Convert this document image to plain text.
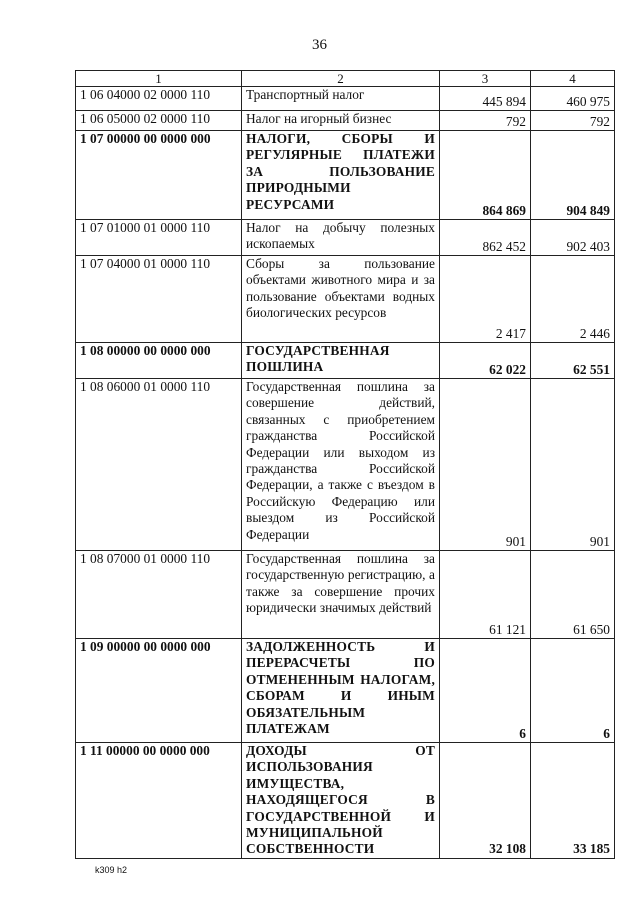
36
1	2	3	4
1 06 04000 02 0000 110	Транспортный налог	445 894	460 975
1 06 05000 02 0000 110	Налог на игорный бизнес	792	792
1 07 00000 00 0000 000	НАЛОГИ, СБОРЫ И РЕГУЛЯРНЫЕ ПЛАТЕЖИ ЗА ПОЛЬЗОВАНИЕ ПРИРОДНЫМИ РЕСУРСАМИ	864 869	904 849
1 07 01000 01 0000 110	Налог на добычу полезных ископаемых	862 452	902 403
1 07 04000 01 0000 110	Сборы за пользование объектами животного мира и за пользование объектами водных биологических ресурсов	2 417	2 446
1 08 00000 00 0000 000	ГОСУДАРСТВЕННАЯ ПОШЛИНА	62 022	62 551
1 08 06000 01 0000 110	Государственная пошлина за совершение действий, связанных с приобретением гражданства Российской Федерации или выходом из гражданства Российской Федерации, а также с въездом в Российскую Федерацию или выездом из Российской Федерации	901	901
1 08 07000 01 0000 110	Государственная пошлина за государственную регистрацию, а также за совершение прочих юридически значимых действий	61 121	61 650
1 09 00000 00 0000 000	ЗАДОЛЖЕННОСТЬ И ПЕРЕРАСЧЕТЫ ПО ОТМЕНЕННЫМ НАЛОГАМ, СБОРАМ И ИНЫМ ОБЯЗАТЕЛЬНЫМ ПЛАТЕЖАМ	6	6
1 11 00000 00 0000 000	ДОХОДЫ ОТ ИСПОЛЬЗОВАНИЯ ИМУЩЕСТВА, НАХОДЯЩЕГОСЯ В ГОСУДАРСТВЕННОЙ И МУНИЦИПАЛЬНОЙ СОБСТВЕННОСТИ	32 108	33 185
k309 h2
